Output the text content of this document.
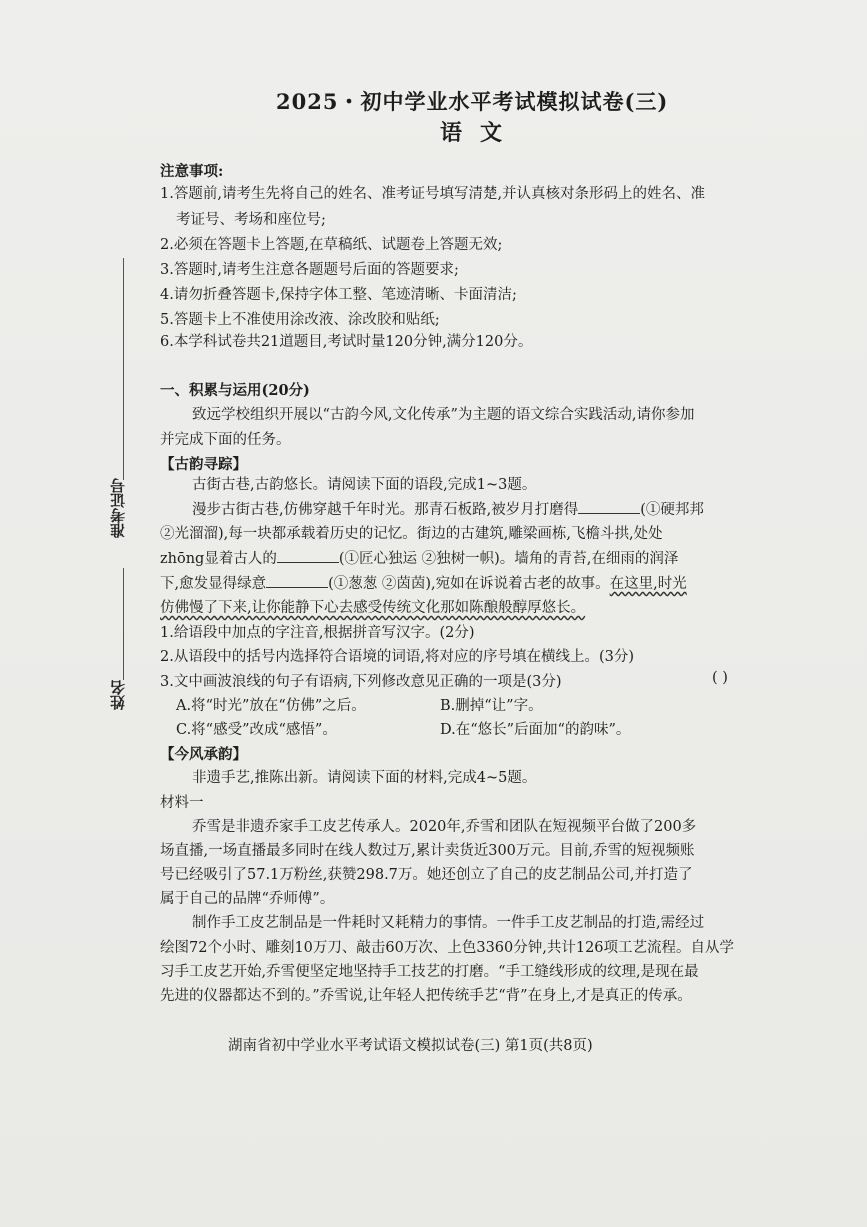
准考证号
姓名
2025・初中学业水平考试模拟试卷(三)
语文
注意事项:
1.答题前,请考生先将自己的姓名、准考证号填写清楚,并认真核对条形码上的姓名、准
考证号、考场和座位号;
2.必须在答题卡上答题,在草稿纸、试题卷上答题无效;
3.答题时,请考生注意各题题号后面的答题要求;
4.请勿折叠答题卡,保持字体工整、笔迹清晰、卡面清洁;
5.答题卡上不准使用涂改液、涂改胶和贴纸;
6.本学科试卷共21道题目,考试时量120分钟,满分120分。
一、积累与运用(20分)
致远学校组织开展以“古韵今风,文化传承”为主题的语文综合实践活动,请你参加
并完成下面的任务。
【古韵寻踪】
古街古巷,古韵悠长。请阅读下面的语段,完成1~3题。
漫步古街古巷,仿佛穿越千年时光。那青石板路,被岁月打磨得	(①硬邦邦
②光溜溜),每一块都承载着历史的记忆。街边的古建筑,雕梁画栋,飞檐斗拱,处处
zhōng显着古人的	(①匠心独运 ②独树一帜)。墙角的青苔,在细雨的润泽
下,愈发显得绿意	(①葱葱 ②茵茵),宛如在诉说着古老的故事。在这里,时光
仿佛慢了下来,让你能静下心去感受传统文化那如陈酿般醇厚悠长。
1.给语段中加点的字注音,根据拼音写汉字。(2分)
2.从语段中的括号内选择符合语境的词语,将对应的序号填在横线上。(3分)
3.文中画波浪线的句子有语病,下列修改意见正确的一项是(3分)	( )
A.将“时光”放在“仿佛”之后。	B.删掉“让”字。
C.将“感受”改成“感悟”。	D.在“悠长”后面加“的韵味”。
【今风承韵】
非遗手艺,推陈出新。请阅读下面的材料,完成4~5题。
材料一
乔雪是非遗乔家手工皮艺传承人。2020年,乔雪和团队在短视频平台做了200多
场直播,一场直播最多同时在线人数过万,累计卖货近300万元。目前,乔雪的短视频账
号已经吸引了57.1万粉丝,获赞298.7万。她还创立了自己的皮艺制品公司,并打造了
属于自己的品牌“乔师傅”。
制作手工皮艺制品是一件耗时又耗精力的事情。一件手工皮艺制品的打造,需经过
绘图72个小时、雕刻10万刀、敲击60万次、上色3360分钟,共计126项工艺流程。自从学
习手工皮艺开始,乔雪便坚定地坚持手工技艺的打磨。“手工缝线形成的纹理,是现在最
先进的仪器都达不到的。”乔雪说,让年轻人把传统手艺“背”在身上,才是真正的传承。
湖南省初中学业水平考试语文模拟试卷(三) 第1页(共8页)
